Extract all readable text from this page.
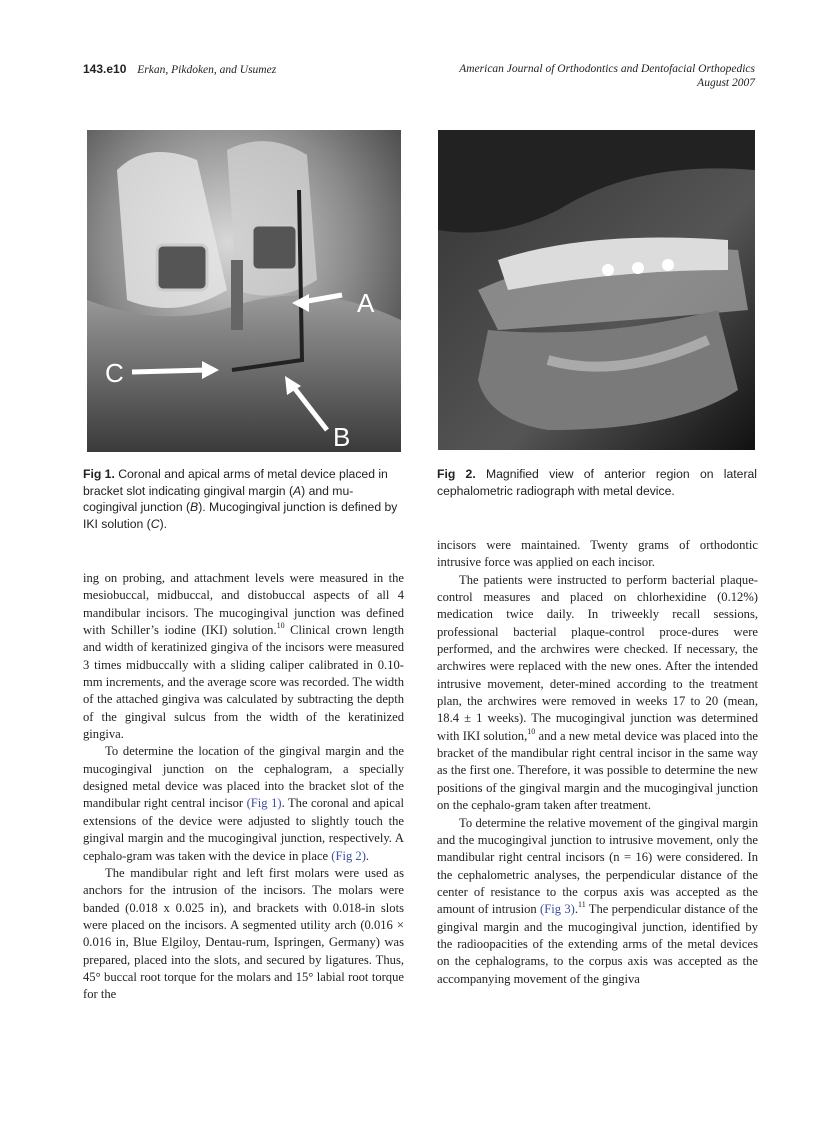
143.e10 Erkan, Pikdoken, and Usumez	American Journal of Orthodontics and Dentofacial Orthopedics
August 2007
A
C
B
Fig 1. Coronal and apical arms of metal device placed in bracket slot indicating gingival margin (A) and mu-cogingival junction (B). Mucogingival junction is defined by IKI solution (C).
Fig 2. Magnified view of anterior region on lateral cephalometric radiograph with metal device.

ing on probing, and attachment levels were measured in the mesiobuccal, midbuccal, and distobuccal aspects of all 4 mandibular incisors. The mucogingival junction was defined with Schiller’s iodine (IKI) solution.$^{10}$ Clinical crown length and width of keratinized gingiva of the incisors were measured 3 times midbuccally with a sliding caliper calibrated in 0.10-mm increments, and the average score was recorded. The width of the attached gingiva was calculated by subtracting the depth of the gingival sulcus from the width of the keratinized gingiva.

To determine the location of the gingival margin and the mucogingival junction on the cephalogram, a specially designed metal device was placed into the bracket slot of the mandibular right central incisor (Fig 1). The coronal and apical extensions of the device were adjusted to slightly touch the gingival margin and the mucogingival junction, respectively. A cephalo-gram was taken with the device in place (Fig 2).

The mandibular right and left first molars were used as anchors for the intrusion of the incisors. The molars were banded (0.018 x 0.025 in), and brackets with 0.018-in slots were placed on the incisors. A segmented utility arch (0.016 × 0.016 in, Blue Elgiloy, Dentau-rum, Ispringen, Germany) was prepared, placed into the slots, and secured by ligatures. Thus, 45° buccal root torque for the molars and 15° labial root torque for the

incisors were maintained. Twenty grams of orthodontic intrusive force was applied on each incisor.

The patients were instructed to perform bacterial plaque-control measures and placed on chlorhexidine (0.12%) medication twice daily. In triweekly recall sessions, professional bacterial plaque-control proce-dures were performed, and the archwires were checked. If necessary, the archwires were replaced with the new ones. After the intended intrusive movement, deter-mined according to the treatment plan, the archwires were removed in weeks 17 to 20 (mean, 18.4 ± 1 weeks). The mucogingival junction was determined with IKI solution,$^{10}$ and a new metal device was placed into the bracket of the mandibular right central incisor in the same way as the first one. Therefore, it was possible to determine the new positions of the gingival margin and the mucogingival junction on the cephalo-gram taken after treatment.

To determine the relative movement of the gingival margin and the mucogingival junction to intrusive movement, only the mandibular right central incisors (n = 16) were considered. In the cephalometric analyses, the perpendicular distance of the center of resistance to the corpus axis was accepted as the amount of intrusion (Fig 3).$^{11}$ The perpendicular distance of the gingival margin and the mucogingival junction, identified by the radioopacities of the extending arms of the metal devices on the cephalograms, to the corpus axis was accepted as the accompanying movement of the gingiva
